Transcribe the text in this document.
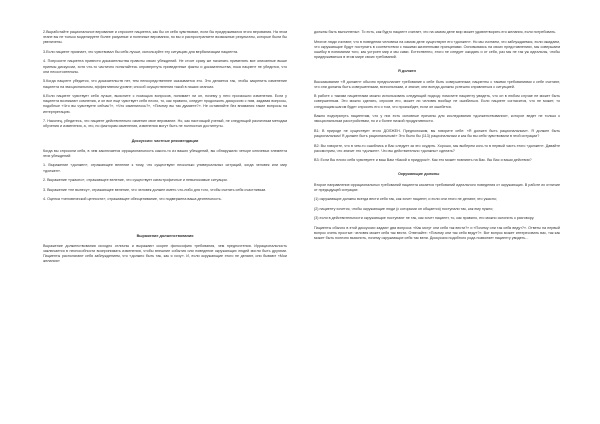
2.Выработайте рациональное верование и спросите пациента, как бы он себя чувствовал, если бы придерживался этого верования. На этом этапе вы не только моделируете более разумные и полезные верования, но вы и распространяете возможные результаты, которые были бы увеличены.

3.Если пациент признает, что чувствовал бы себя лучше, используйте эту ситуацию для вербализации пациента.

4. Попросите пациента привести доказательства правоты своих убеждений. Не стоит сразу же начинать применять все описанные выше приемы дискуссии, хотя что-то частично попытайтесь опровергнуть приведенные факты и доказательства, пока пациент не убедится, что они несостоятельны.

5.Когда пациент убедится, что доказательств нет, тем непосредственнее сказывается это. Это делается так, чтобы закрепить изменение пациента на эмоциональном, эффективном уровне; способ осуществления такой в наших сеансах.

6.Если пациент чувствует себя лучше, выясните с помощью вопросов, понимает ли он, почему у него произошли изменения. Если у пациента возникают сомнения, и он все еще чувствует себя плохо, то, как правило, следует продолжить дискуссию с ним, задавая вопросы, подобные «Что вы чувствуете сейчас?», «Что изменилось?», «Почему вы так думаете?». Не оставляйте без внимания такие вопросы на интерпретацию.

7. Наконец, убедитесь, что пациент действительно изменил свое верование. Но, как настоящий ученый, не следующий различным методам обучения и изменения, а, что, по факторам изменения, изменения могут быть не полностью достигнуты.

Дискуссии: частные рекомендации

Когда вы спросили себя, в чем заключается иррациональность какого-то из ваших убеждений, вы обнаружили четыре ключевых элемента этих убеждений:

1. Выражение «должен», отражающее веление к тому, что существуют несколько универсальных ситуаций, когда человек или мир «должен».

2. Выражение «ужасно», отражающее веление, что существует катастрофичные и невыносимые ситуации.

3. Выражение «не вынесу», отражающее веление, что человек должен иметь что-либо для того, чтобы считать себя счастливым.

4. Оценка «человеческой ценности», отражающее обесценивание, что подвержена ваша деятельность.

Выражение долженствования

Выражение долженствования исходно отличны и выражают скорее философию требования, чем предпочтения. Иррациональность заключается в неспособности воспринимать изменения, чтобы внешние события или поведение окружающих людей могли быть другими. Пациенты располагают себя заблуждением, что «должно быть так, как я хочу». И, если окружающие этого не делают, они бывают «Мои желания»

должны быть выполнены». То есть, как будто пациент считает, что на самом деле мир может удовлетворять его желания, если потребовать.

Многие люди считают, что в поведении человека на самом деле существуют его «должен». Но мы считаем, что заблуждаемся, если ожидаем, что окружающие будут поступать в соответствии с нашими жизненными принципами. Основываясь на своих представлениях, мы совершаем ошибку в понимании того, как устроен мир и мы сами. Естественно, этого не следует ожидать и от себя, раз мы не так уж идеальны, чтобы придерживаться в этом мире своих требований.

Я должен

Высказывание «Я должен» обычно предполагает требование к себе быть совершенным; пациенты с такими требованиями к себе считают, что они должны быть совершенными, всесильными, и значит, они всегда должны успешно справляться с ситуацией.

В работе с такими пациентами можно использовать следующий подход: помогите пациенту увидеть, что он в любом случае не может быть совершенным. Это можно сделать, спросив его, может ли человек вообще не ошибаться. Если пациент согласится, что не может, то следующим шагом будет спросить его о том, что произойдет, если он ошибется.

Важно подчеркнуть пациентам, что у них есть основные причины для исследования «долженствования», которое ведет не только к эмоциональным расстройствам, но и к более низкой продуктивности.

В1: В природе не существует этого ДОЛЖЕН. Предположим, вы говорите себе: «Я должен быть рациональным». Я должен быть рациональным! Я должен быть рациональным!» Это было бы (113) рациональным и как бы вы себя чувствовали в этой ситуации?

В2: Вы говорите, что в чем-то ошиблись и Вас следует за это осудить. Хорошо, мы выберем кого-то в первый часть этого «должен». Давайте рассмотрим, что значит это «должен». Что вы действительно «должны» сделать?

В3: Если Вы плохо себя чувствуете и ваш Вам «Какой я придурок!». Как это может повлиять на Вас. Вы Вас и ваши действия?

Окружающие должны

Второе направление иррациональных требований пациента касается требований идеального поведения от окружающих. В работе их отличие от предыдущей ситуации:

(1) окружающие должны всегда вести себя так, как хочет пациент, и если они этого не делают, это ужасно;

(2) пациенту хочется, чтобы окружающие люди (с которыми он общается) поступали так, как ему нужно;

(3) если в действительности окружающие поступают не так, как хочет пациент, то, как правило, его можно склонить к разговору.

Пациенты обычно в этой дискуссии задают два вопроса: «Как могут они себя так вести?» и «Почему они так себя ведут?». Ответы на первый вопрос очень простые: человек может себя так вести. Отвечайте: «Почему они так себя ведут?». Вот вопрос может интересовать вас, так как может быть полезно выяснить, почему окружающие себя так вели. Дискуссия подобного рода позволяет пациенту увидеть...
